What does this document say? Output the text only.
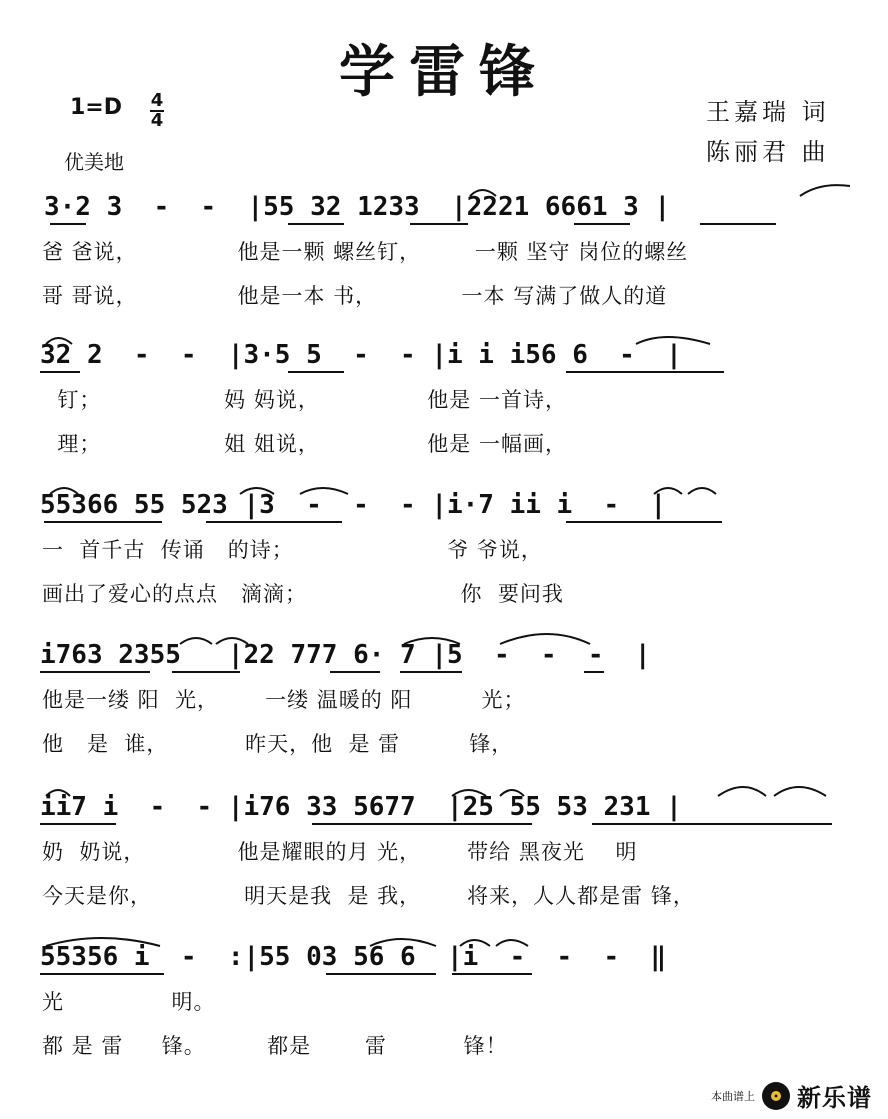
学雷锋
1=D 4
4
优美地
王嘉瑞 词
陈丽君 曲
3·2 3  -  -  |55 32 1233  |2221 6661 3 |
爸 爸说，             他是一颗 螺丝钉，       一颗 坚守 岗位的螺丝
哥 哥说，             他是一本 书，           一本 写满了做人的道
32 2  -  -  |3·5 5  -  - |i i i56 6  -  |
钉；                妈 妈说，              他是 一首诗，
理；                姐 姐说，              他是 一幅画，
55366 55 523 |3  -  -  - |i·7 ii i  -  |
一  首千古  传诵   的诗；                    爷 爷说，
画出了爱心的点点   滴滴；                    你  要问我
i763 2355   |22 777 6· 7 |5  -  -  -  |
他是一缕 阳  光，      一缕 温暖的 阳         光；
他   是  谁，          昨天，他  是 雷         锋，
ii7 i  -  - |i76 33 5677  |25 55 53 231 |
奶  奶说，            他是耀眼的月 光，      带给 黑夜光    明
今天是你，            明天是我  是 我，      将来，人人都是雷 锋，
55356 i  -  :|55 03 56 6  |i  -  -  -  ‖
光              明。
都 是 雷     锋。        都是       雷          锋！
本曲谱上 新乐谱
